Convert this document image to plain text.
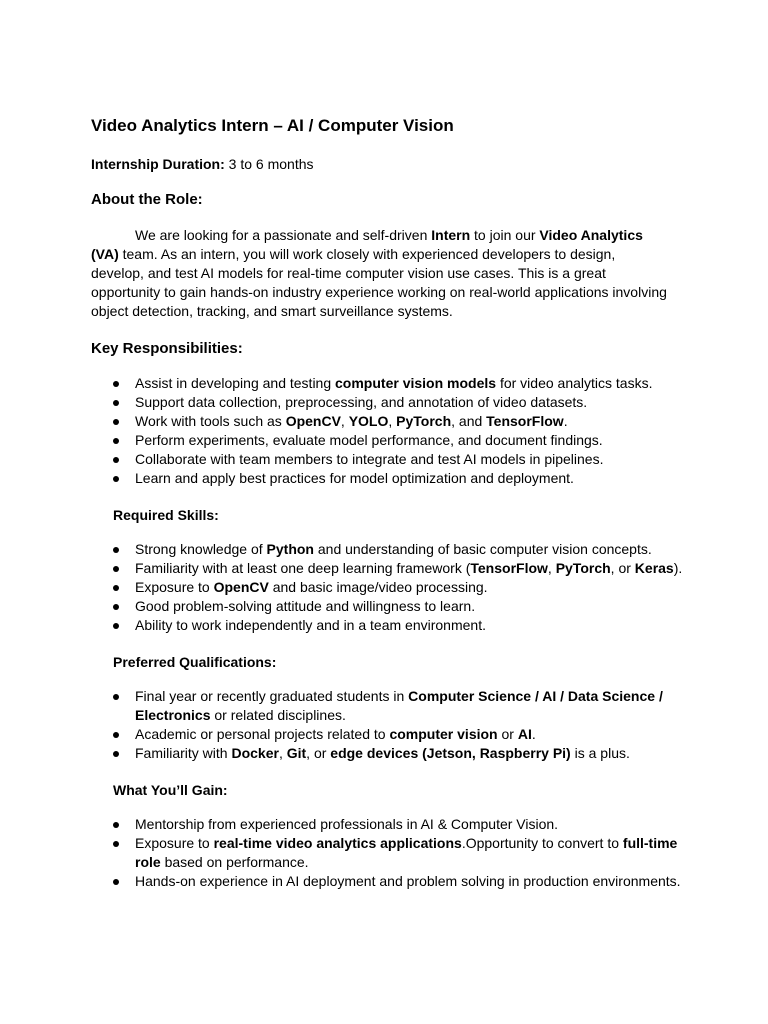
Video Analytics Intern – AI / Computer Vision

Internship Duration: 3 to 6 months

About the Role:

We are looking for a passionate and self-driven Intern to join our Video Analytics (VA) team. As an intern, you will work closely with experienced developers to design, develop, and test AI models for real-time computer vision use cases. This is a great opportunity to gain hands-on industry experience working on real-world applications involving object detection, tracking, and smart surveillance systems.

Key Responsibilities:
Assist in developing and testing computer vision models for video analytics tasks.
Support data collection, preprocessing, and annotation of video datasets.
Work with tools such as OpenCV, YOLO, PyTorch, and TensorFlow.
Perform experiments, evaluate model performance, and document findings.
Collaborate with team members to integrate and test AI models in pipelines.
Learn and apply best practices for model optimization and deployment.
Required Skills:
Strong knowledge of Python and understanding of basic computer vision concepts.
Familiarity with at least one deep learning framework (TensorFlow, PyTorch, or Keras).
Exposure to OpenCV and basic image/video processing.
Good problem-solving attitude and willingness to learn.
Ability to work independently and in a team environment.
Preferred Qualifications:
Final year or recently graduated students in Computer Science / AI / Data Science / Electronics or related disciplines.
Academic or personal projects related to computer vision or AI.
Familiarity with Docker, Git, or edge devices (Jetson, Raspberry Pi) is a plus.
What You’ll Gain:
Mentorship from experienced professionals in AI & Computer Vision.
Exposure to real-time video analytics applications.Opportunity to convert to full-time role based on performance.
Hands-on experience in AI deployment and problem solving in production environments.
